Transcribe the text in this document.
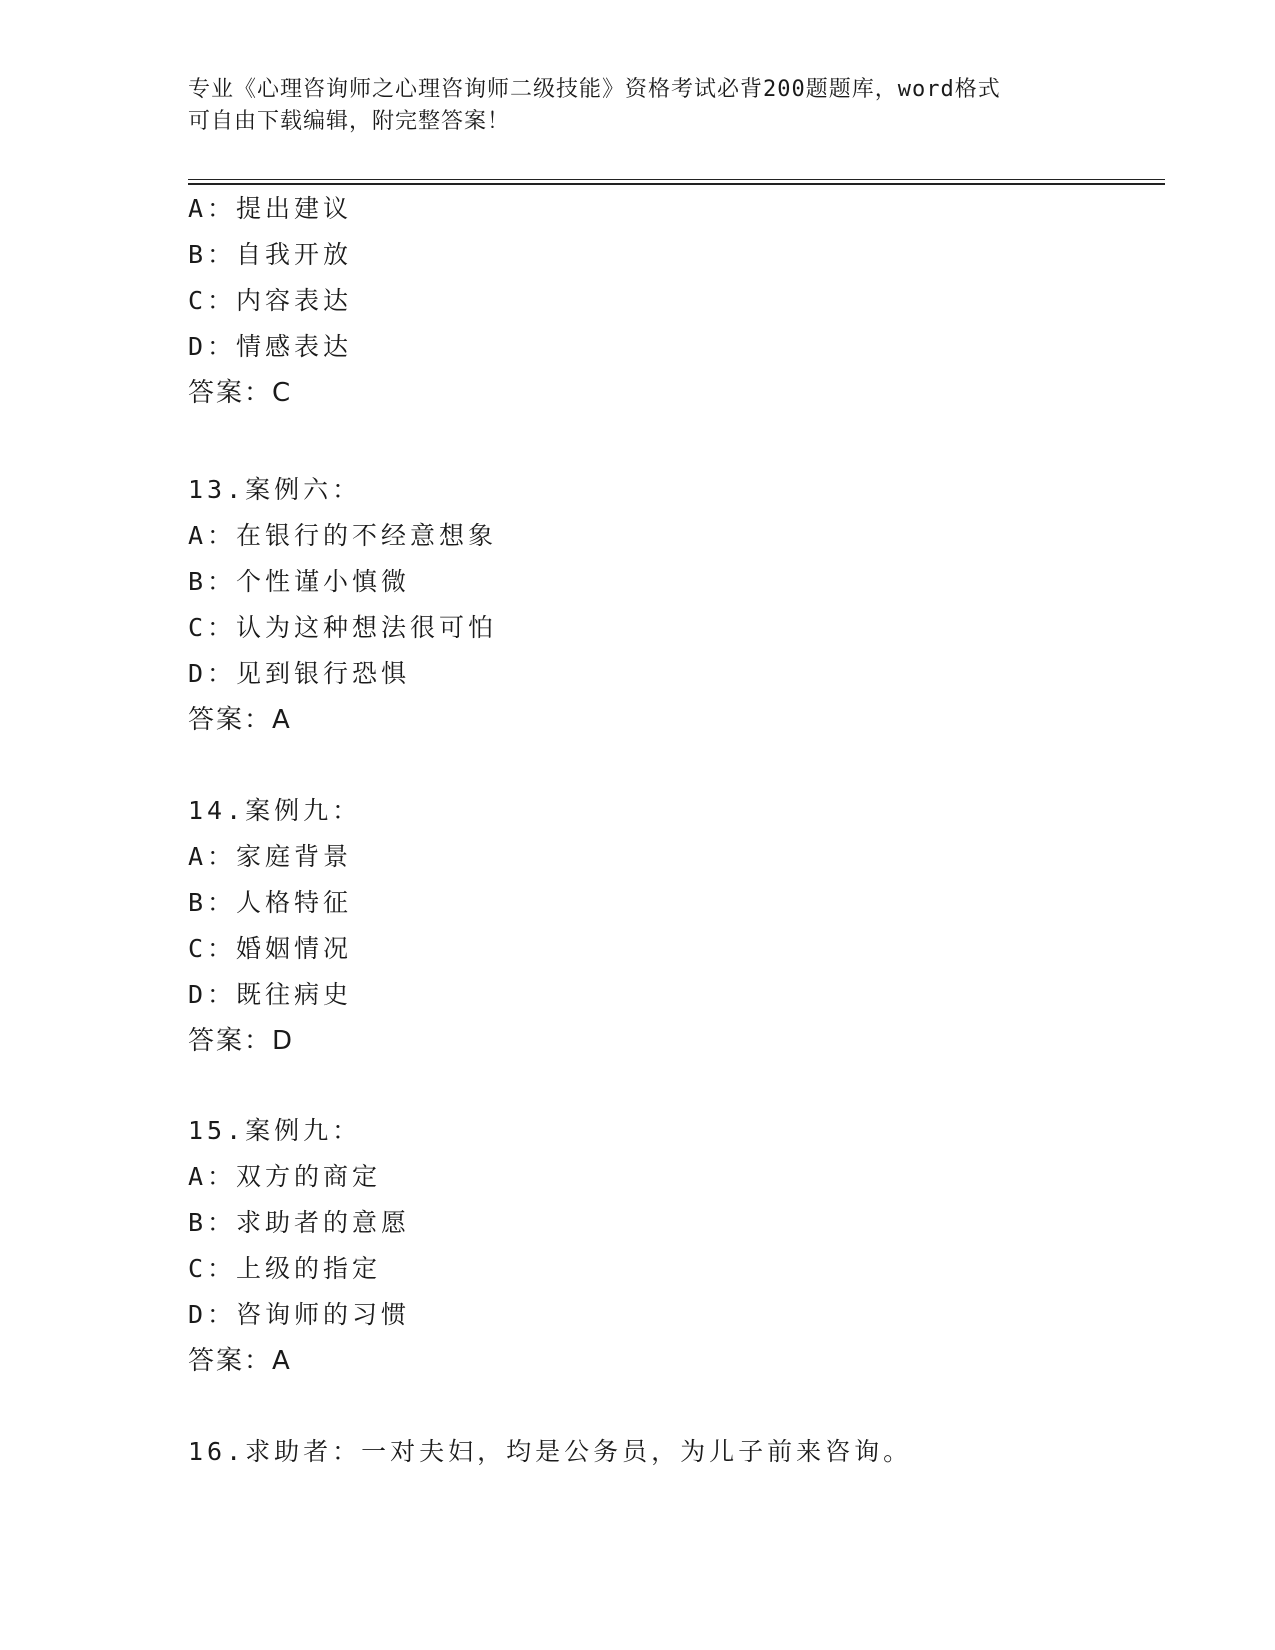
专业《心理咨询师之心理咨询师二级技能》资格考试必背200题题库，word格式
可自由下载编辑，附完整答案！
A：提出建议
B：自我开放
C：内容表达
D：情感表达
答案：C
13.案例六：
A：在银行的不经意想象
B：个性谨小慎微
C：认为这种想法很可怕
D：见到银行恐惧
答案：A
14.案例九：
A：家庭背景
B：人格特征
C：婚姻情况
D：既往病史
答案：D
15.案例九：
A：双方的商定
B：求助者的意愿
C：上级的指定
D：咨询师的习惯
答案：A
16.求助者：一对夫妇，均是公务员，为儿子前来咨询。
